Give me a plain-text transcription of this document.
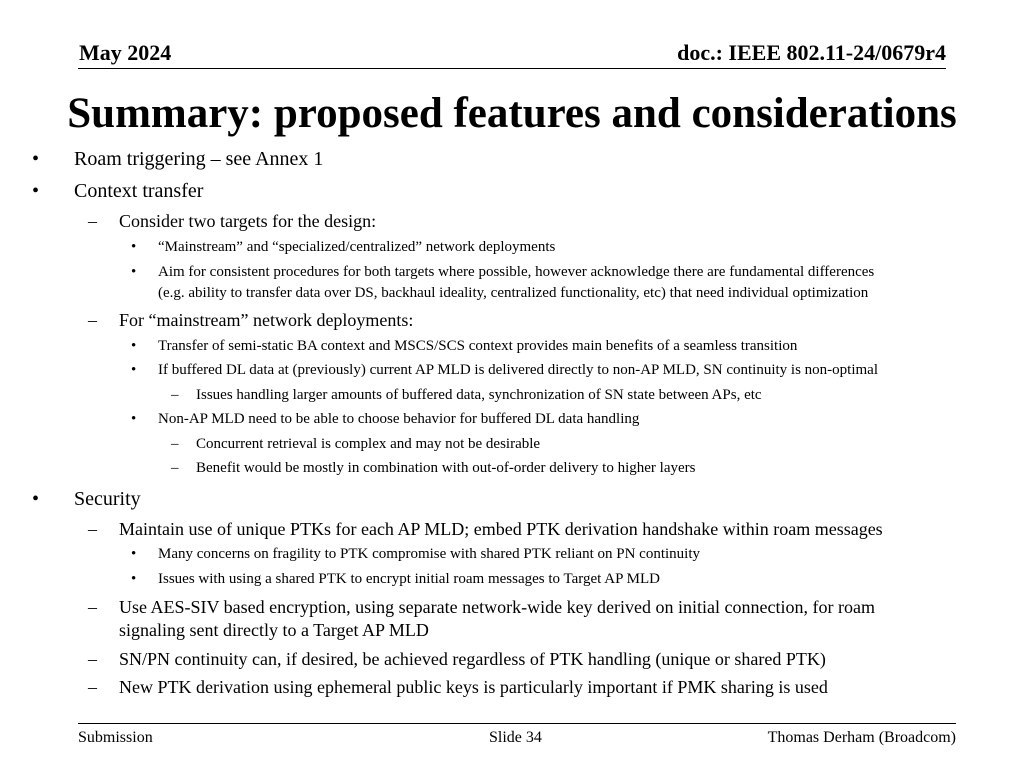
May 2024	doc.: IEEE 802.11-24/0679r4
Summary: proposed features and considerations
• Roam triggering – see Annex 1
• Context transfer
– Consider two targets for the design:
• “Mainstream” and “specialized/centralized” network deployments
• Aim for consistent procedures for both targets where possible, however acknowledge there are fundamental differences
(e.g. ability to transfer data over DS, backhaul ideality, centralized functionality, etc) that need individual optimization
– For “mainstream” network deployments:
• Transfer of semi-static BA context and MSCS/SCS context provides main benefits of a seamless transition
• If buffered DL data at (previously) current AP MLD is delivered directly to non-AP MLD, SN continuity is non-optimal
– Issues handling larger amounts of buffered data, synchronization of SN state between APs, etc
• Non-AP MLD need to be able to choose behavior for buffered DL data handling
– Concurrent retrieval is complex and may not be desirable
– Benefit would be mostly in combination with out-of-order delivery to higher layers
• Security
– Maintain use of unique PTKs for each AP MLD; embed PTK derivation handshake within roam messages
• Many concerns on fragility to PTK compromise with shared PTK reliant on PN continuity
• Issues with using a shared PTK to encrypt initial roam messages to Target AP MLD
– Use AES-SIV based encryption, using separate network-wide key derived on initial connection, for roam
signaling sent directly to a Target AP MLD
– SN/PN continuity can, if desired, be achieved regardless of PTK handling (unique or shared PTK)
– New PTK derivation using ephemeral public keys is particularly important if PMK sharing is used
Submission	Slide 34	Thomas Derham (Broadcom)
